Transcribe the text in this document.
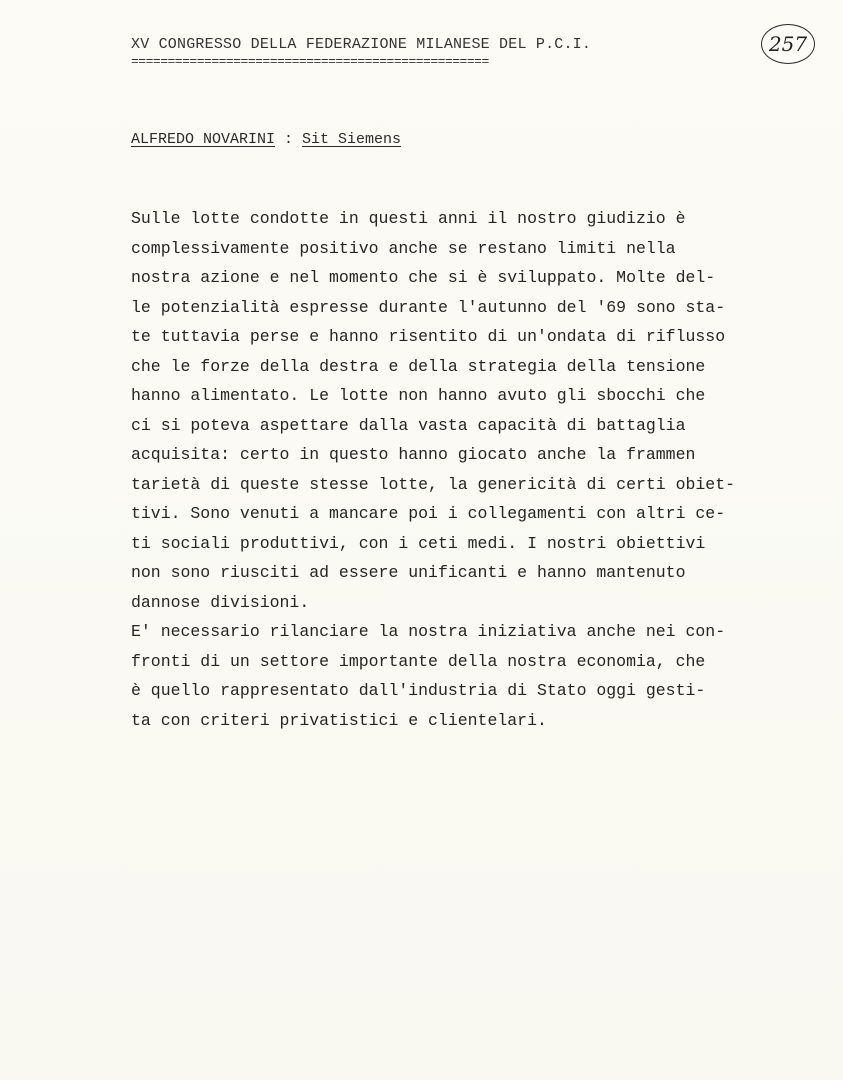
XV CONGRESSO DELLA FEDERAZIONE MILANESE DEL P.C.I.
=================================================
257
ALFREDO NOVARINI : Sit Siemens
Sulle lotte condotte in questi anni il nostro giudizio è
complessivamente positivo anche se restano limiti nella
nostra azione e nel momento che si è sviluppato. Molte del-
le potenzialità espresse durante l'autunno del '69 sono sta-
te tuttavia perse e hanno risentito di un'ondata di riflusso
che le forze della destra e della strategia della tensione
hanno alimentato. Le lotte non hanno avuto gli sbocchi che
ci si poteva aspettare dalla vasta capacità di battaglia
acquisita: certo in questo hanno giocato anche la frammen
tarietà di queste stesse lotte, la genericità di certi obiet-
tivi. Sono venuti a mancare poi i collegamenti con altri ce-
ti sociali produttivi, con i ceti medi. I nostri obiettivi
non sono riusciti ad essere unificanti e hanno mantenuto
dannose divisioni.
E' necessario rilanciare la nostra iniziativa anche nei con-
fronti di un settore importante della nostra economia, che
è quello rappresentato dall'industria di Stato oggi gesti-
ta con criteri privatistici e clientelari.
